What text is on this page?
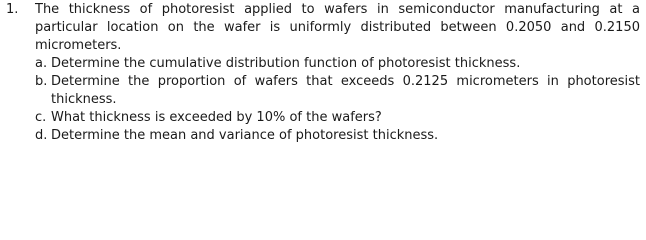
1.	The thickness of photoresist applied to wafers in semiconductor manufacturing at a particular location on the wafer is uniformly distributed between 0.2050 and 0.2150 micrometers.
a. Determine the cumulative distribution function of photoresist thickness.
b. Determine the proportion of wafers that exceeds 0.2125 micrometers in photoresist thickness.
c. What thickness is exceeded by 10% of the wafers?
d. Determine the mean and variance of photoresist thickness.
